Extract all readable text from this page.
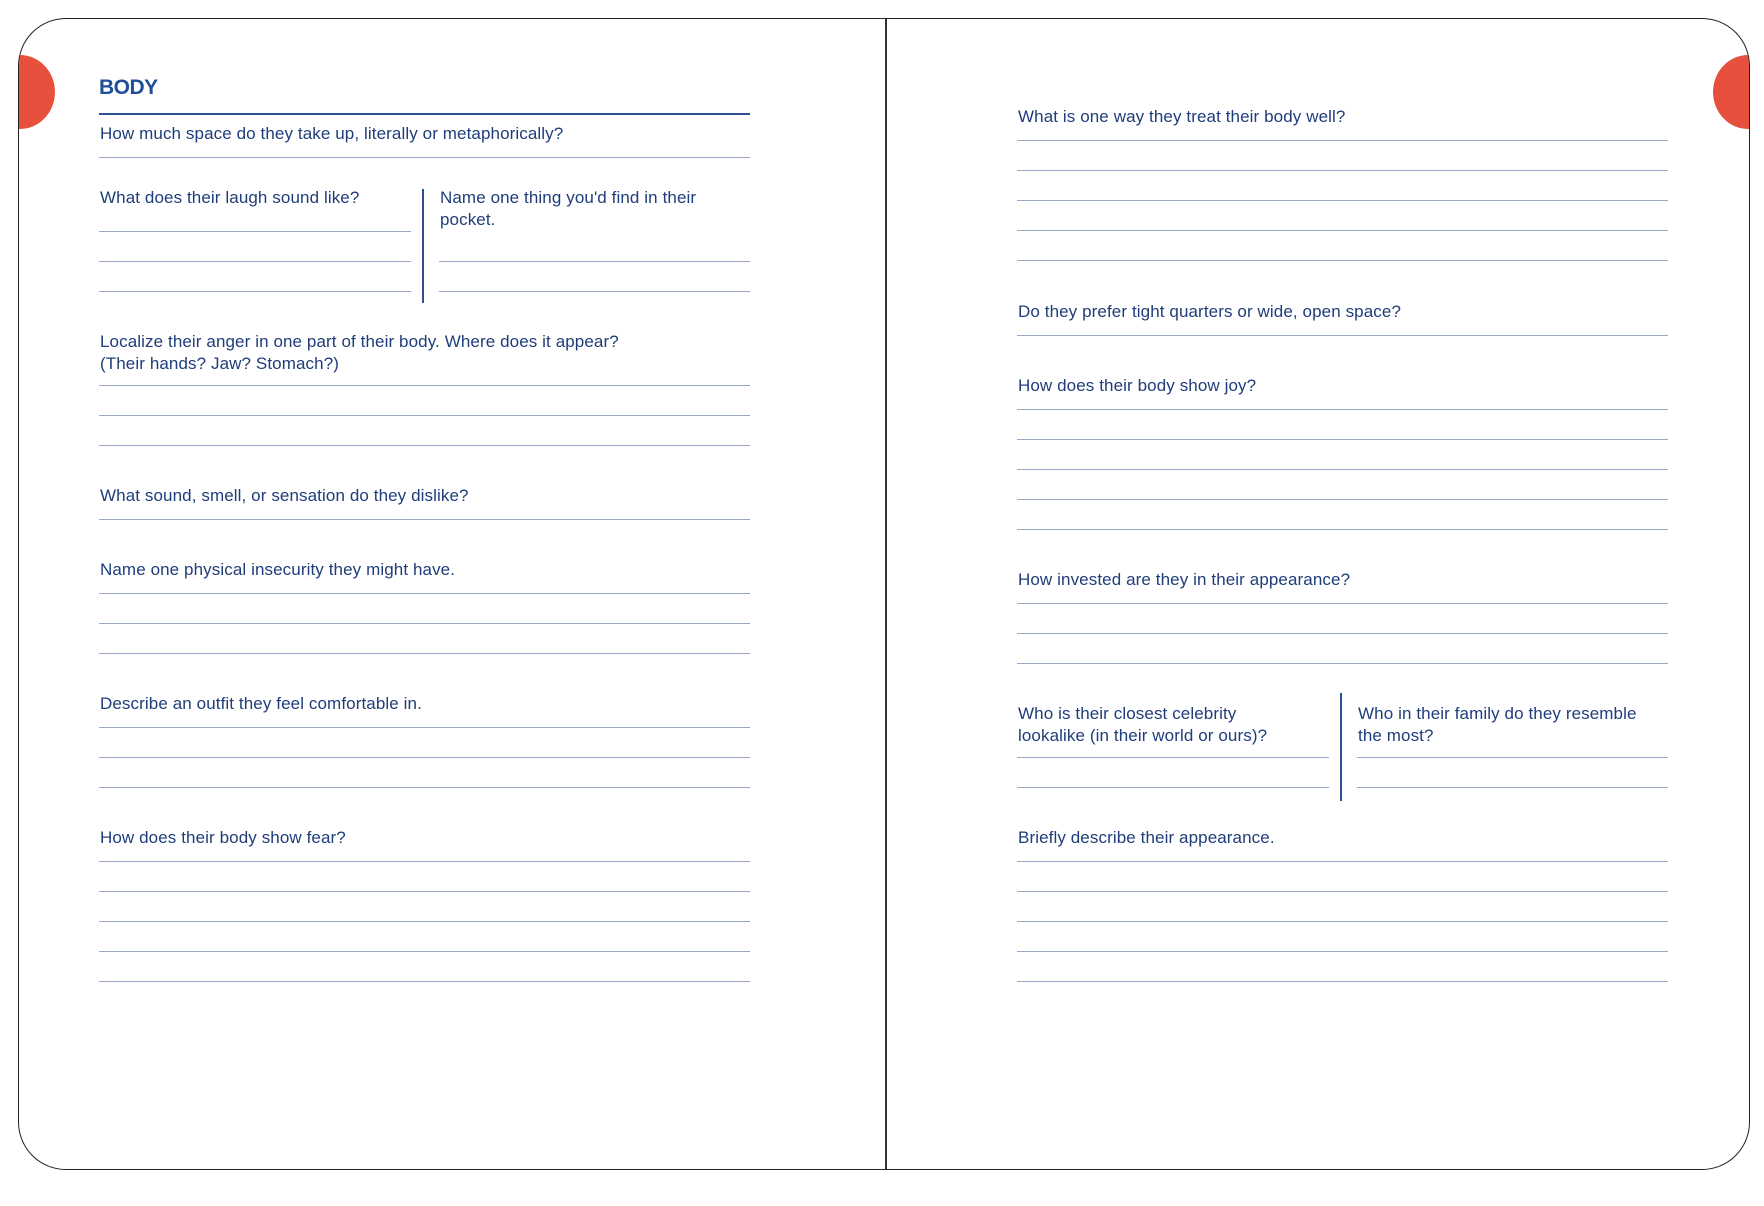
BODY
How much space do they take up, literally or metaphorically?
What does their laugh sound like?	Name one thing you'd find in their pocket.
Localize their anger in one part of their body. Where does it appear?
(Their hands? Jaw? Stomach?)
What sound, smell, or sensation do they dislike?
Name one physical insecurity they might have.
Describe an outfit they feel comfortable in.
How does their body show fear?
What is one way they treat their body well?
Do they prefer tight quarters or wide, open space?
How does their body show joy?
How invested are they in their appearance?
Who is their closest celebrity lookalike (in their world or ours)?
Who in their family do they resemble the most?
Briefly describe their appearance.
